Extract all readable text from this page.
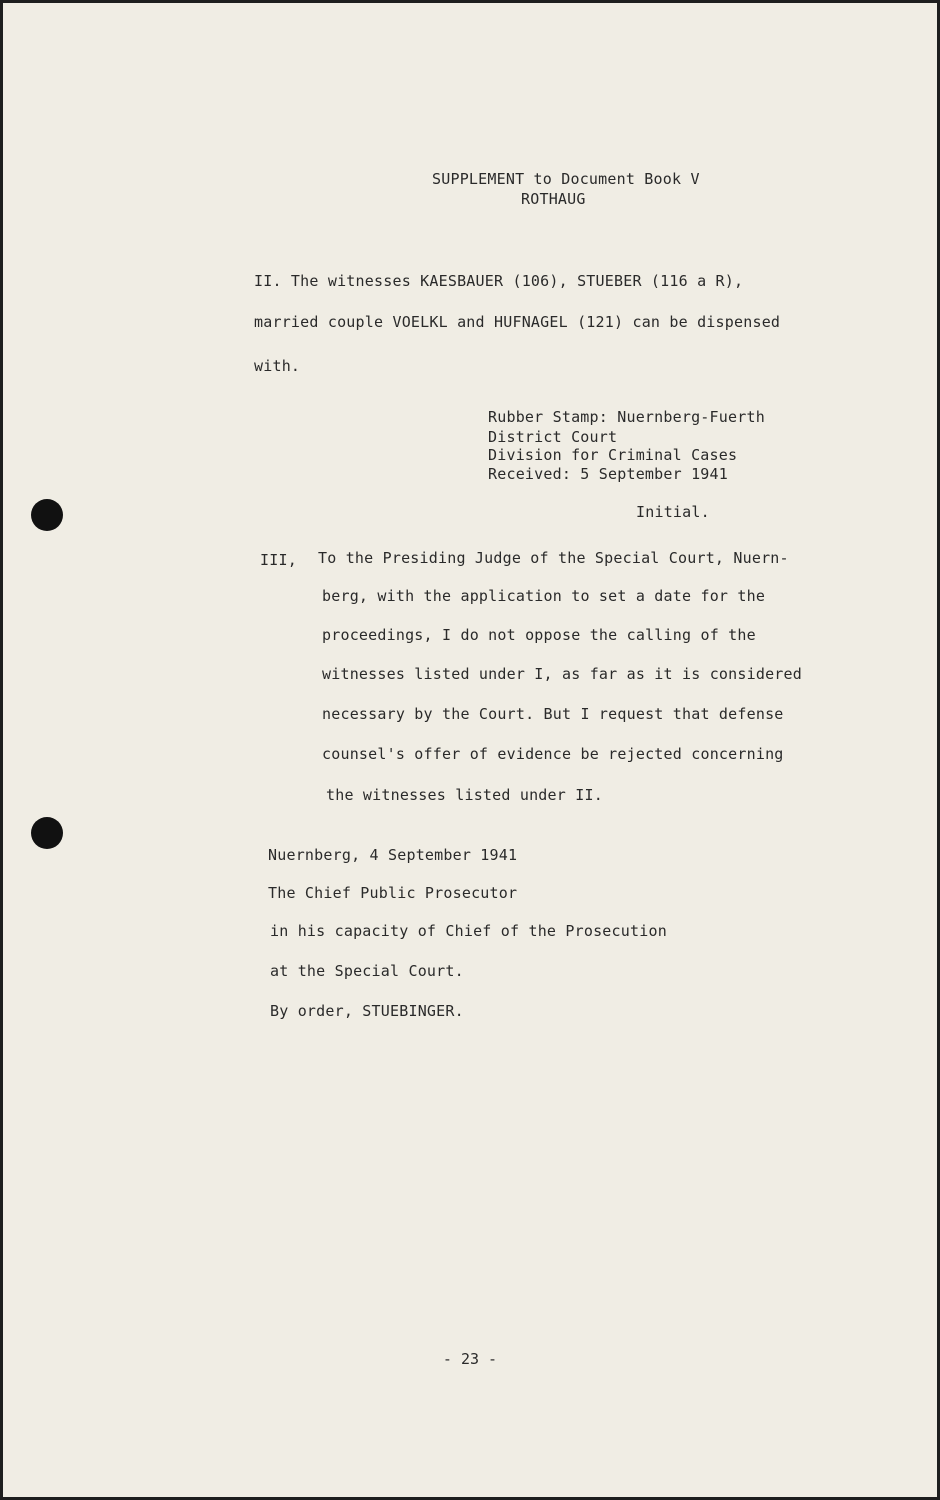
SUPPLEMENT to Document Book V
ROTHAUG
II. The witnesses KAESBAUER (106), STUEBER (116 a R),
married couple VOELKL and HUFNAGEL (121) can be dispensed
with.
Rubber Stamp: Nuernberg-Fuerth
District Court
Division for Criminal Cases
Received: 5 September 1941
Initial.
III, To the Presiding Judge of the Special Court, Nuern-
berg, with the application to set a date for the
proceedings, I do not oppose the calling of the
witnesses listed under I, as far as it is considered
necessary by the Court. But I request that defense
counsel's offer of evidence be rejected concerning
the witnesses listed under II.
Nuernberg, 4 September 1941
The Chief Public Prosecutor
in his capacity of Chief of the Prosecution
at the Special Court.
By order, STUEBINGER.
- 23 -
